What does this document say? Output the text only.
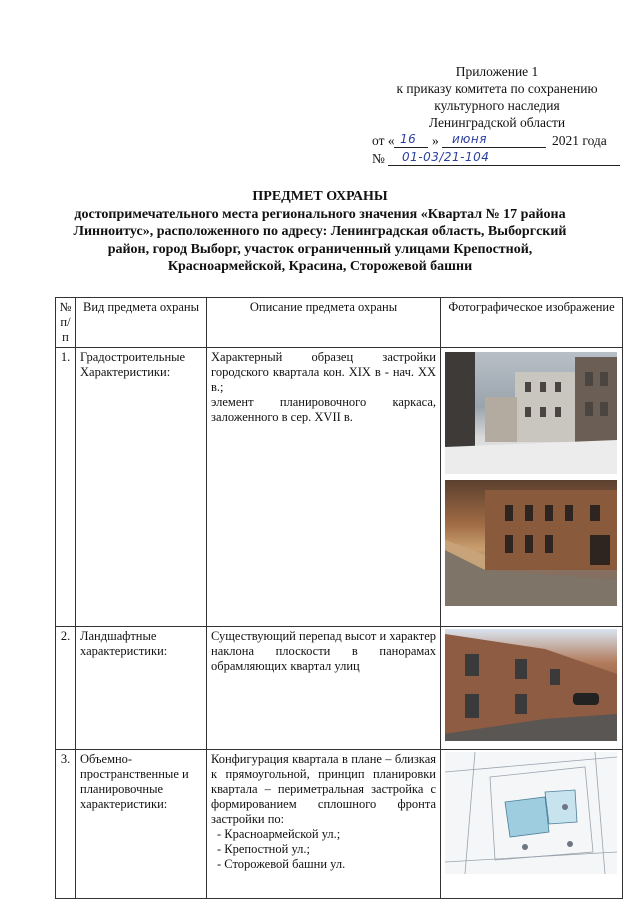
Приложение 1
к приказу комитета по сохранению
культурного наследия
Ленинградской области
от « 16 » июня	2021 года
№ 01-03/21-104
ПРЕДМЕТ ОХРАНЫ
достопримечательного места регионального значения «Квартал № 17 района
Линноитус», расположенного по адресу: Ленинградская область, Выборгский
район, город Выборг, участок ограниченный улицами Крепостной,
Красноармейской, Красина, Сторожевой башни
№ п/п	Вид предмета охраны	Описание предмета охраны	Фотографическое изображение
1.	Градостроительные Характеристики:	Характерный образец застройки городского квартала кон. XIX в - нач. XX в.;
элемент планировочного каркаса, заложенного в сер. XVII в.

2.	Ландшафтные характеристики:	Существующий перепад высот и характер наклона плоскости в панорамах обрамляющих квартал улиц	

3.	Объемно-пространственные и планировочные характеристики:	Конфигурация квартала в плане – близкая к прямоугольной, принцип планировки квартала – периметральная застройка с формированием сплошного фронта застройки по:
- Красноармейской ул.;
- Крепостной ул.;
- Сторожевой башни ул.
